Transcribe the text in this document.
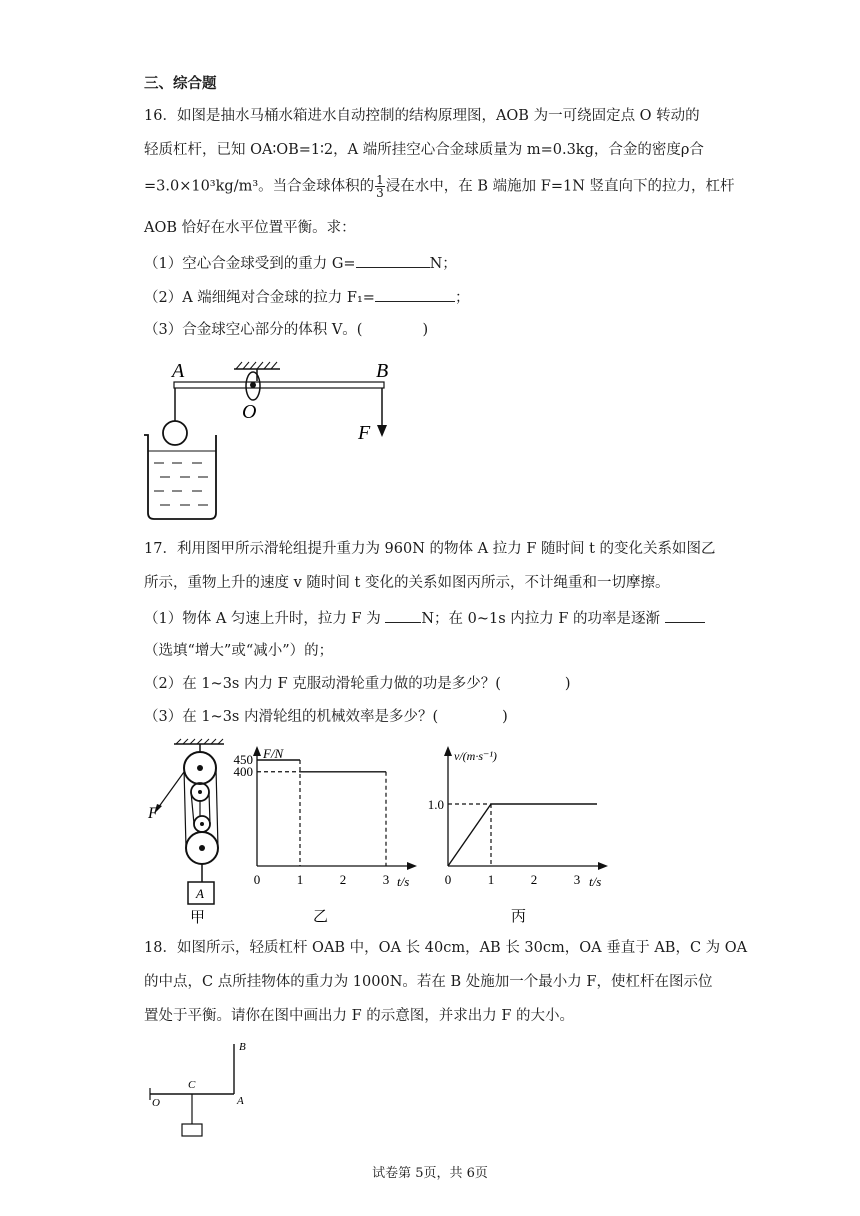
三、综合题
16．如图是抽水马桶水箱进水自动控制的结构原理图，AOB 为一可绕固定点 O 转动的
轻质杠杆，已知 OA∶OB=1∶2，A 端所挂空心合金球质量为 m=0.3kg，合金的密度ρ合
=3.0×10³kg/m³。当合金球体积的 $\frac{1}{3}$ 浸在水中，在 B 端施加 F=1N 竖直向下的拉力，杠杆
AOB 恰好在水平位置平衡。求：
（1）空心合金球受到的重力 G=	N；
（2）A 端细绳对合金球的拉力 F₁=	；
（3）合金球空心部分的体积 V。(	)
A
O
B
F
17．利用图甲所示滑轮组提升重力为 960N 的物体 A 拉力 F 随时间 t 的变化关系如图乙
所示，重物上升的速度 v 随时间 t 变化的关系如图丙所示，不计绳重和一切摩擦。
（1）物体 A 匀速上升时，拉力 F 为	N；在 0~1s 内拉力 F 的功率是逐渐
（选填“增大”或“减小”）的；
（2）在 1~3s 内力 F 克服动滑轮重力做的功是多少？(	)
（3）在 1~3s 内滑轮组的机械效率是多少？(	)
F
A
甲
F/N
t/s
450
400
0	1	2	3
乙
v/(m·s⁻¹)
t/s
1.0
0	1	2	3
丙
18．如图所示，轻质杠杆 OAB 中，OA 长 40cm，AB 长 30cm，OA 垂直于 AB，C 为 OA
的中点，C 点所挂物体的重力为 1000N。若在 B 处施加一个最小力 F，使杠杆在图示位
置处于平衡。请你在图中画出力 F 的示意图，并求出力 F 的大小。
B
C
O	A
试卷第 5页，共 6页
